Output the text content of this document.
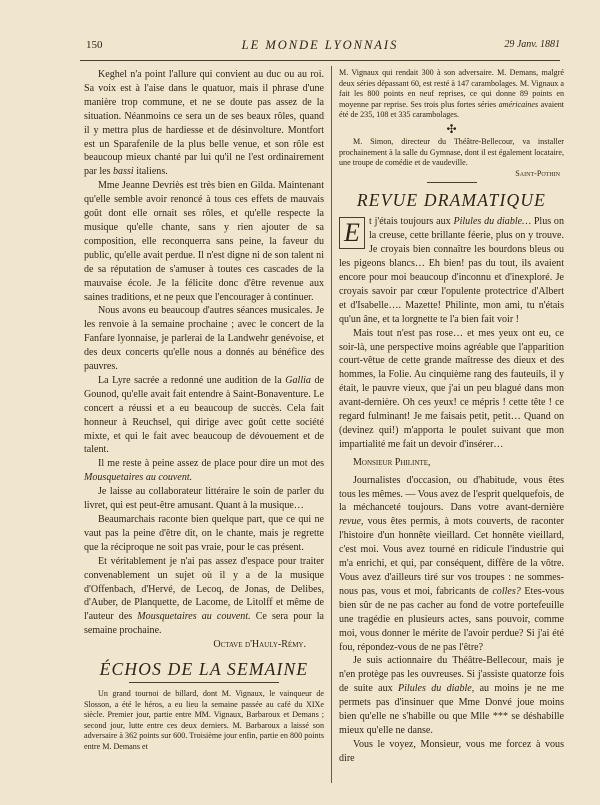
150	LE MONDE LYONNAIS	29 Janv. 1881

Keghel n'a point l'allure qui convient au duc ou au roi. Sa voix est à l'aise dans le quatuor, mais il phrase d'une manière trop commune, et ne se doute pas assez de la situation. Néanmoins ce sera un de ses beaux rôles, quand il y mettra plus de hardiesse et de désinvolture. Montfort est un Sparafenile de la plus belle venue, et son rôle est beaucoup mieux chanté par lui qu'il ne l'est ordinairement par les bassi italiens.

Mme Jeanne Devriès est très bien en Gilda. Maintenant qu'elle semble avoir renoncé à tous ces effets de mauvais goût dont elle ornait ses rôles, et qu'elle respecte la musique qu'elle chante, sans y rien ajouter de sa composition, elle reconquerra sans peine, la faveur du public, qu'elle avait perdue. Il n'est digne ni de son talent ni de sa réputation de s'amuser à toutes ces cascades de la mauvaise école. Je la félicite donc d'être revenue aux saines traditions, et ne peux que l'encourager à continuer.

Nous avons eu beaucoup d'autres séances musicales. Je les renvoie à la semaine prochaine ; avec le concert de la Fanfare lyonnaise, je parlerai de la Landwehr genévoise, et des deux concerts qu'elle nous a donnés au bénéfice des pauvres.

La Lyre sacrée a redonné une audition de la Gallia de Gounod, qu'elle avait fait entendre à Saint-Bonaventure. Le concert a réussi et a eu beaucoup de succès. Cela fait honneur à Reuchsel, qui dirige avec goût cette société mixte, et qui le fait avec beaucoup de dévouement et de talent.

Il me reste à peine assez de place pour dire un mot des Mousquetaires au couvent.

Je laisse au collaborateur littéraire le soin de parler du livret, qui est peut-être amusant. Quant à la musique…

Beaumarchais raconte bien quelque part, que ce qui ne vaut pas la peine d'être dit, on le chante, mais je regrette que la réciproque ne soit pas vraie, pour le cas présent.

Et véritablement je n'ai pas assez d'espace pour traiter convenablement un sujet où il y a de la musique d'Offenbach, d'Hervé, de Lecoq, de Jonas, de Delibes, d'Auber, de Planquette, de Lacome, de Litolff et même de l'auteur des Mousquetaires au couvent. Ce sera pour la semaine prochaine.

Octave d'Hauly-Rémy.

ÉCHOS DE LA SEMAINE

Un grand tournoi de billard, dont M. Vignaux, le vainqueur de Slosson, a été le héros, a eu lieu la semaine passée au café du XIXe siècle. Premier jour, partie entre MM. Vignaux, Barbaroux et Demans ; second jour, lutte entre ces deux derniers. M. Barbaroux a laissé son adversaire à 362 points sur 600. Troisième jour enfin, partie en 800 points entre M. Demans et

M. Vignaux qui rendait 300 à son adversaire. M. Demans, malgré deux séries dépassant 60, est resté à 147 carambolages. M. Vignaux a fait les 800 points en neuf reprises, ce qui donne 89 points en moyenne par reprise. Ses trois plus fortes séries américaines avaient été de 235, 108 et 335 carambolages.

✣

M. Simon, directeur du Théâtre-Bellecour, va installer prochainement à la salle du Gymnase, dont il est également locataire, une troupe de comédie et de vaudeville.

Saint-Pothin

REVUE DRAMATIQUE

E t j'étais toujours aux Pilules du diable… Plus on la creuse, cette brillante féerie, plus on y trouve. Je croyais bien connaître les bourdons bleus ou les pigeons blancs… Eh bien! pas du tout, ils avaient encore pour moi beaucoup d'inconnu et d'inexploré. Je croyais savoir par cœur l'opulente protectrice d'Albert et d'Isabelle…. Mazette! Philinte, mon ami, tu n'étais qu'un âne, et ta lorgnette te l'a bien fait voir !

Mais tout n'est pas rose… et mes yeux ont eu, ce soir-là, une perspective moins agréable que l'apparition court-vêtue de cette grande maîtresse des dieux et des hommes, la Folie. Au cinquième rang des fauteuils, il y était, le pauvre vieux, que j'ai un peu blagué dans mon avant-dernière. Oh ces yeux! ce mépris ! cette tête ! ce regard fulminant! Je me faisais petit, petit… Quand on (devinez qui!) m'apporta le poulet suivant que mon impartialité me fait un devoir d'insérer…

Monsieur Philinte,

Journalistes d'occasion, ou d'habitude, vous êtes tous les mêmes. — Vous avez de l'esprit quelquefois, de la méchanceté toujours. Dans votre avant-dernière revue, vous êtes permis, à mots couverts, de raconter l'histoire d'un honnête vieillard. Cet honnête vieillard, c'est moi. Vous avez tourné en ridicule l'industrie qui m'a enrichi, et qui, par conséquent, diffère de la vôtre. Vous avez d'ailleurs tiré sur vos troupes : ne sommes-nous pas, vous et moi, fabricants de colles? Etes-vous bien sûr de ne pas cacher au fond de votre portefeuille une tragédie en plusieurs actes, sans pouvoir, comme moi, vous donner le mérite de l'avoir perdue? Si j'ai été fou, répondez-vous de ne pas l'être?

Je suis actionnaire du Théâtre-Bellecour, mais je n'en protège pas les ouvreuses. Si j'assiste quatorze fois de suite aux Pilules du diable, au moins je ne me permets pas d'insinuer que Mme Donvé joue moins bien qu'elle ne s'habille ou que Mlle *** se déshabille mieux qu'elle ne danse.

Vous le voyez, Monsieur, vous me forcez à vous dire
